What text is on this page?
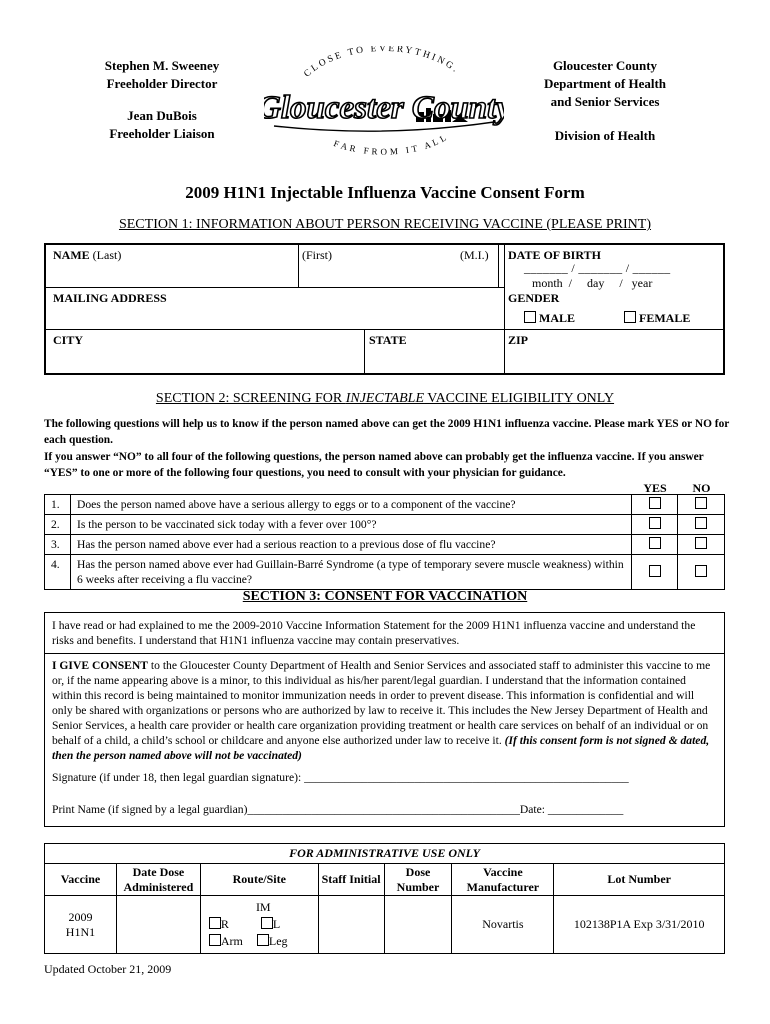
Stephen M. Sweeney
Freeholder Director
Jean DuBois
Freeholder Liaison
CLOSE TO EVERYTHING.
Gloucester County
FAR FROM IT ALL
Gloucester County
Department of Health
and Senior Services
Division of Health
2009 H1N1 Injectable Influenza Vaccine Consent Form
SECTION 1: INFORMATION ABOUT PERSON RECEIVING VACCINE (PLEASE PRINT)
NAME (Last)	(First)	(M.I.) DATE OF BIRTH
_______ / _______ / ______
month  /     day     /   year
MAILING ADDRESS	GENDER
MALE	FEMALE
CITY	STATE	ZIP
SECTION 2: SCREENING FOR INJECTABLE VACCINE ELIGIBILITY ONLY
The following questions will help us to know if the person named above can get the 2009 H1N1 influenza vaccine. Please mark YES or NO for each question.
If you answer “NO” to all four of the following questions, the person named above can probably get the influenza vaccine. If you answer “YES” to one or more of the following four questions, you need to consult with your physician for guidance.
YES	NO
1.	Does the person named above have a serious allergy to eggs or to a component of the vaccine?		
2.	Is the person to be vaccinated sick today with a fever over 100°?		
3.	Has the person named above ever had a serious reaction to a previous dose of flu vaccine?		
4.	Has the person named above ever had Guillain-Barré Syndrome (a type of temporary severe muscle weakness) within 6 weeks after receiving a flu vaccine?		
SECTION 3: CONSENT FOR VACCINATION
I have read or had explained to me the 2009-2010 Vaccine Information Statement for the 2009 H1N1 influenza vaccine and understand the risks and benefits. I understand that H1N1 influenza vaccine may contain preservatives.
I GIVE CONSENT to the Gloucester County Department of Health and Senior Services and associated staff to administer this vaccine to me or, if the name appearing above is a minor, to this individual as his/her parent/legal guardian. I understand that the information contained within this record is being maintained to monitor immunization needs in order to prevent disease. This information is confidential and will only be shared with organizations or persons who are authorized by law to receive it. This includes the New Jersey Department of Health and Senior Services, a health care provider or health care organization providing treatment or health care services on behalf of an individual or on behalf of a child, a child’s school or childcare and anyone else authorized under law to receive it. (If this consent form is not signed & dated, then the person named above will not be vaccinated)
Signature (if under 18, then legal guardian signature): ________________________________________________________
Print Name (if signed by a legal guardian)_______________________________________________Date: _____________
FOR ADMINISTRATIVE USE ONLY						
Vaccine	Date Dose Administered	Route/Site	Staff Initial	Dose Number	Vaccine Manufacturer	Lot Number
2009 H1N1		IM
R L
Arm Leg			Novartis	102138P1A Exp 3/31/2010
Updated October 21, 2009
